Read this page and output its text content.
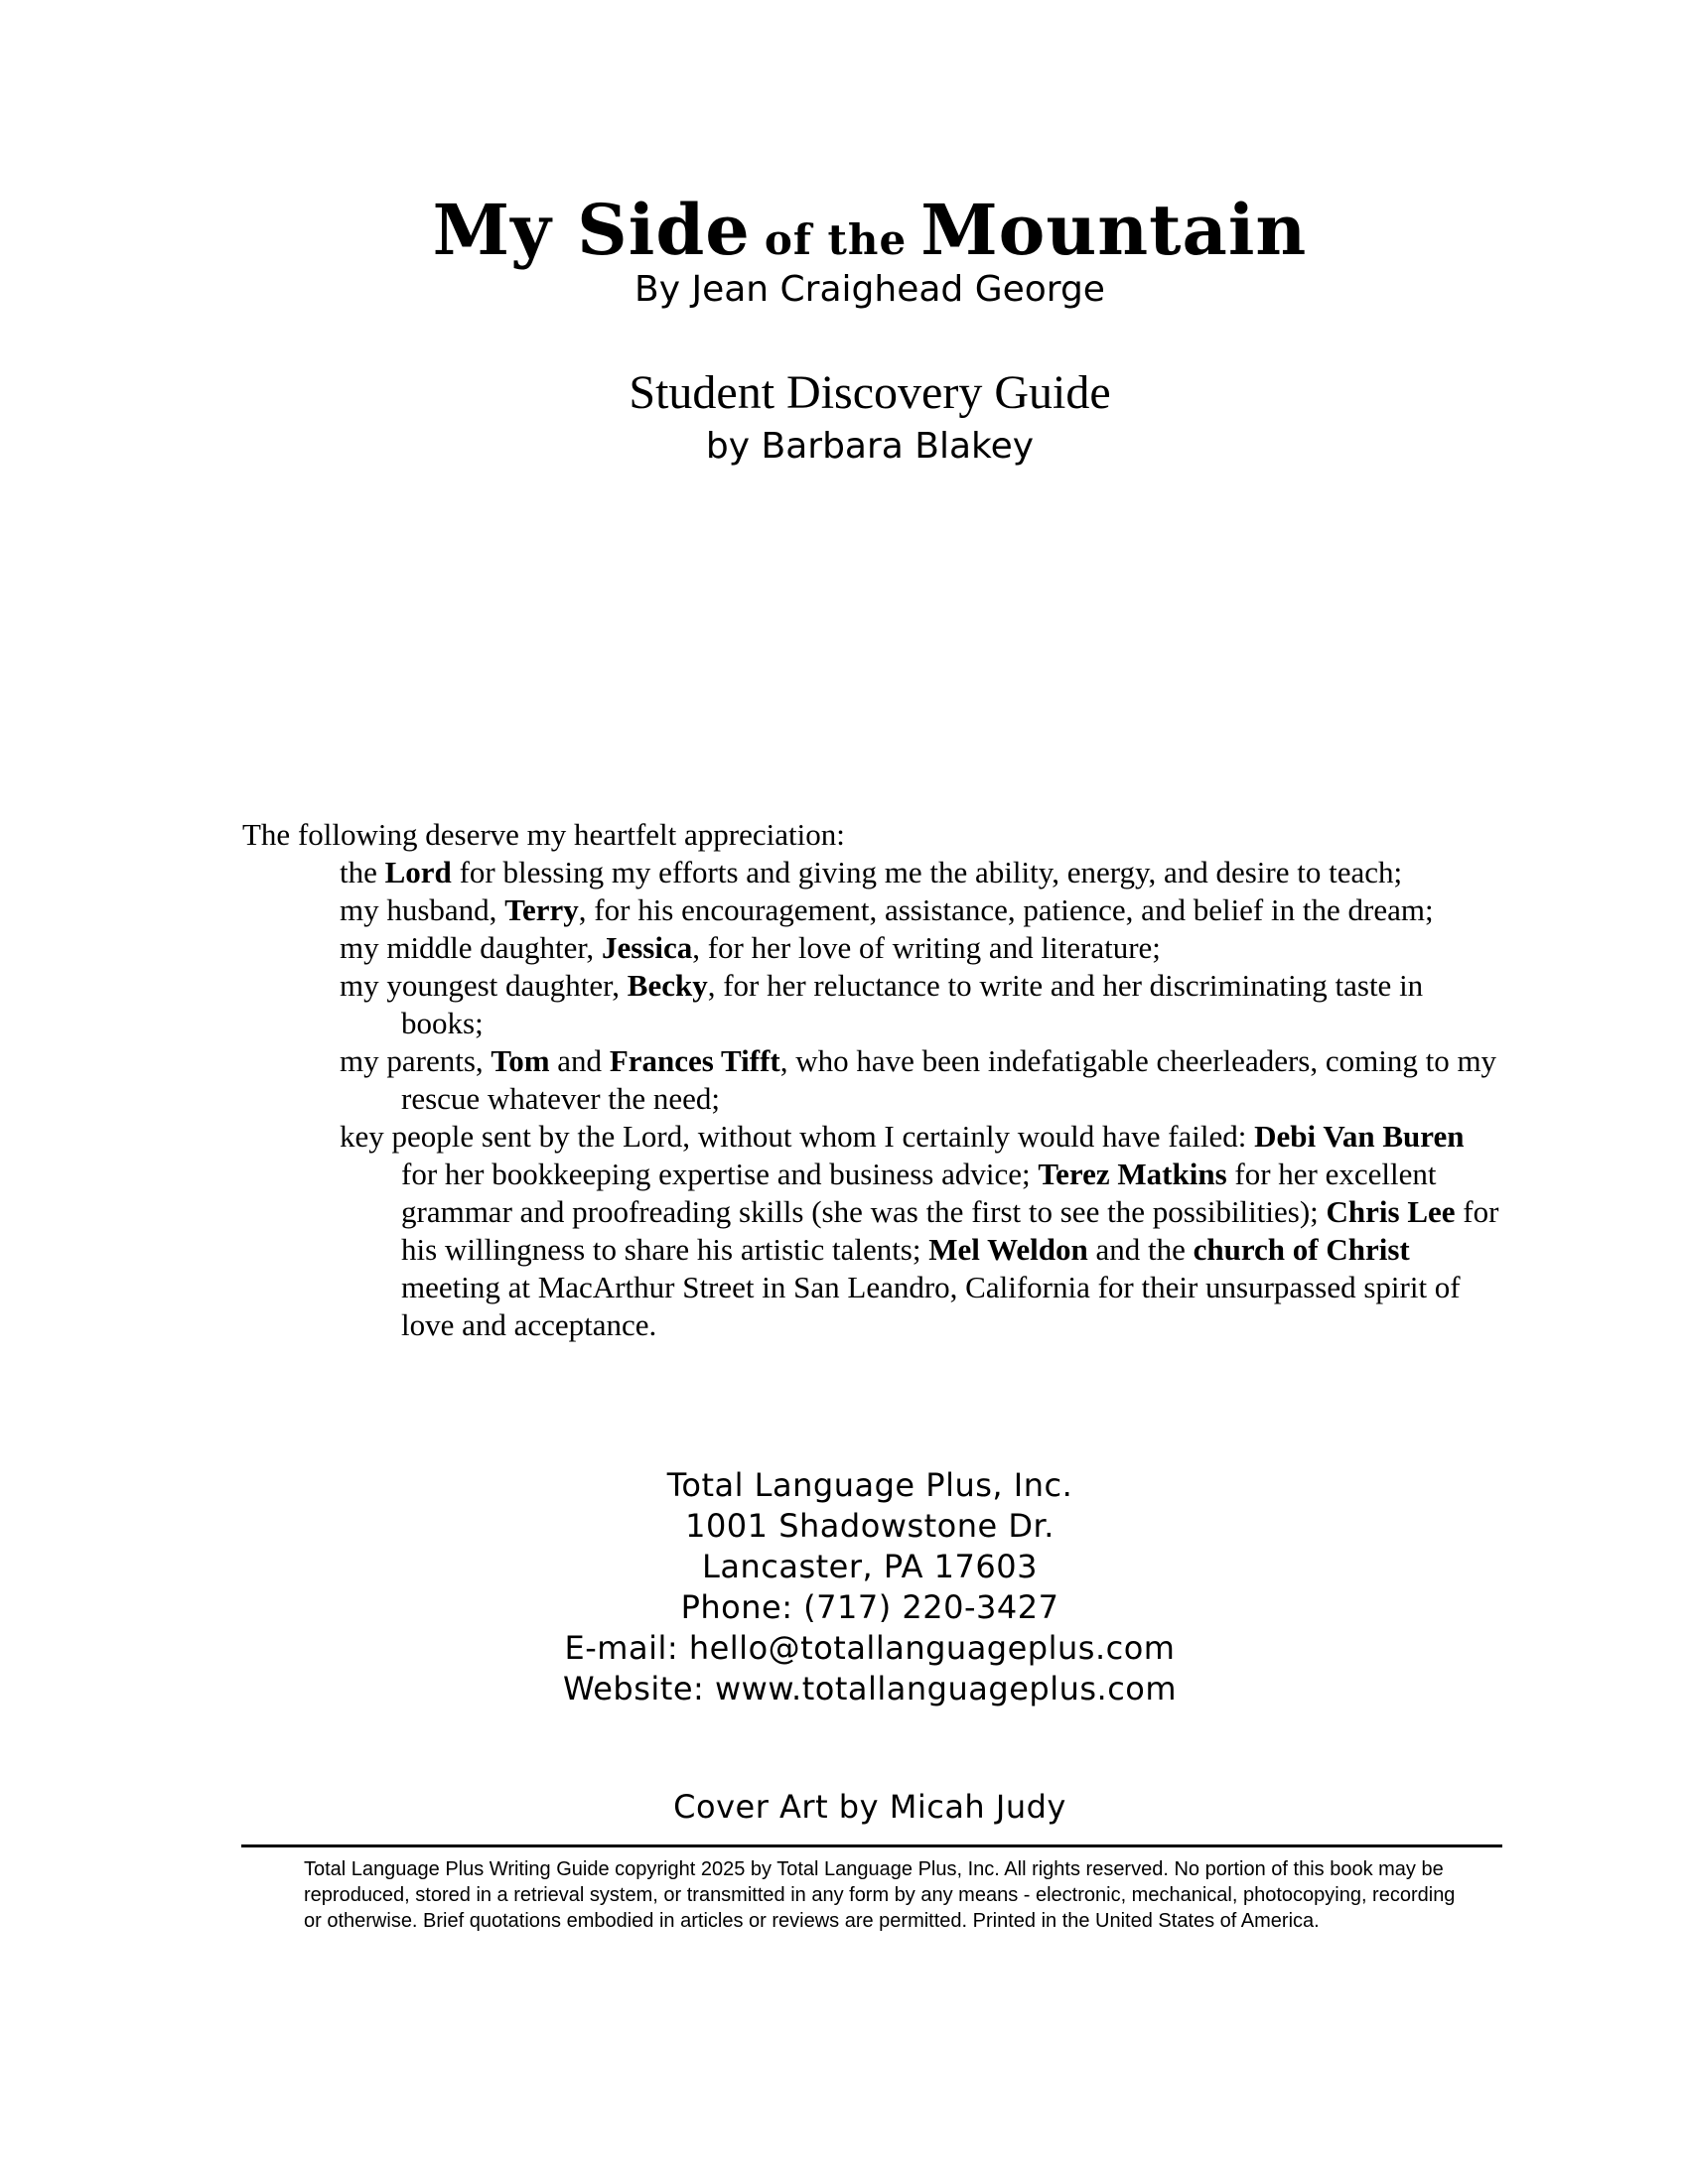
My Side of the Mountain
By Jean Craighead George
Student Discovery Guide
by Barbara Blakey

The following deserve my heartfelt appreciation:

the Lord for blessing my efforts and giving me the ability, energy, and desire to teach;
my husband, Terry, for his encouragement, assistance, patience, and belief in the dream;
my middle daughter, Jessica, for her love of writing and literature;
my youngest daughter, Becky, for her reluctance to write and her discriminating taste in books;
my parents, Tom and Frances Tifft, who have been indefatigable cheerleaders, coming to my rescue whatever the need;
key people sent by the Lord, without whom I certainly would have failed: Debi Van Buren for her bookkeeping expertise and business advice; Terez Matkins for her excellent grammar and proofreading skills (she was the first to see the possibilities); Chris Lee for his willingness to share his artistic talents; Mel Weldon and the church of Christ meeting at MacArthur Street in San Leandro, California for their unsurpassed spirit of love and acceptance.
Total Language Plus, Inc.
1001 Shadowstone Dr.
Lancaster, PA 17603
Phone: (717) 220-3427
E-mail: hello@totallanguageplus.com
Website: www.totallanguageplus.com
Cover Art by Micah Judy
Total Language Plus Writing Guide copyright 2025 by Total Language Plus, Inc. All rights reserved. No portion of this book may be reproduced, stored in a retrieval system, or transmitted in any form by any means - electronic, mechanical, photocopying, recording or otherwise. Brief quotations embodied in articles or reviews are permitted. Printed in the United States of America.
